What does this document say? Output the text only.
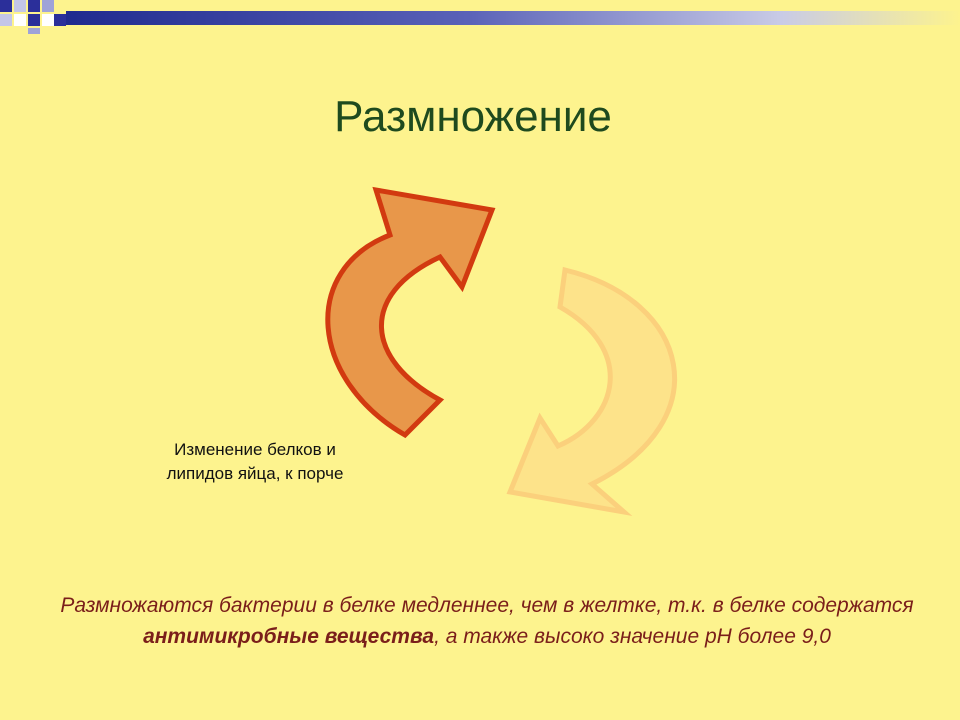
Размножение
Изменение белков и липидов яйца, к порче
Размножаются бактерии в белке медленнее, чем в желтке, т.к. в белке содержатся антимикробные вещества, а также высоко значение pH более 9,0
